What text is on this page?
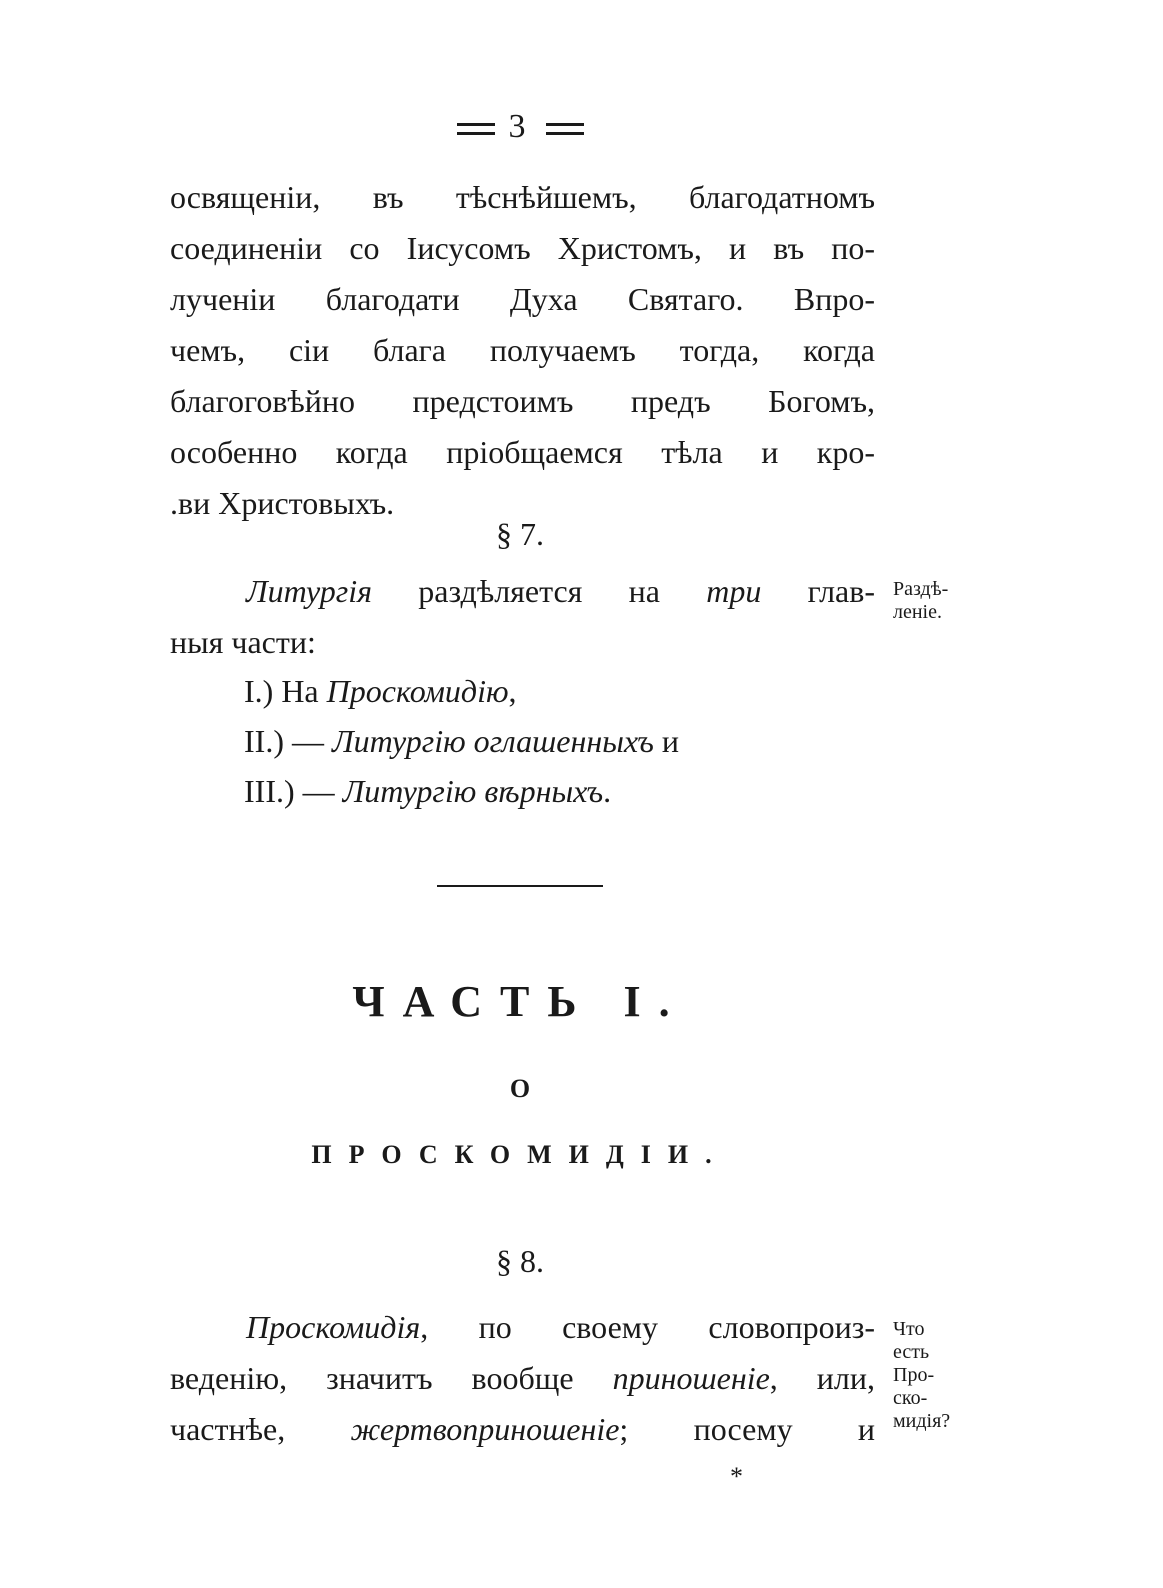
3
освященіи, въ тѣснѣйшемъ, благодатномъ
соединеніи со Іисусомъ Христомъ, и въ по-
лученіи благодати Духа Святаго. Впро-
чемъ, сіи блага получаемъ тогда, когда
благоговѣйно предстоимъ предъ Богомъ,
особенно когда пріобщаемся тѣла и кро-
.ви Христовыхъ.
§ 7.
Литургія раздѣляется на три глав-
ныя части:
Раздѣ-
леніе.
I.) На Проскомидію,
II.) — Литургію оглашенныхъ и
III.) — Литургію вѣрныхъ.
ЧАСТЬ I.
О
ПРОСКОМИДІИ.
§ 8.
Проскомидія, по своему словопроиз-
веденію, значитъ вообще приношеніе, или,
частнѣе, жертвоприношеніе; посему и
Что
есть
Про-
ско-
мидія?
*
